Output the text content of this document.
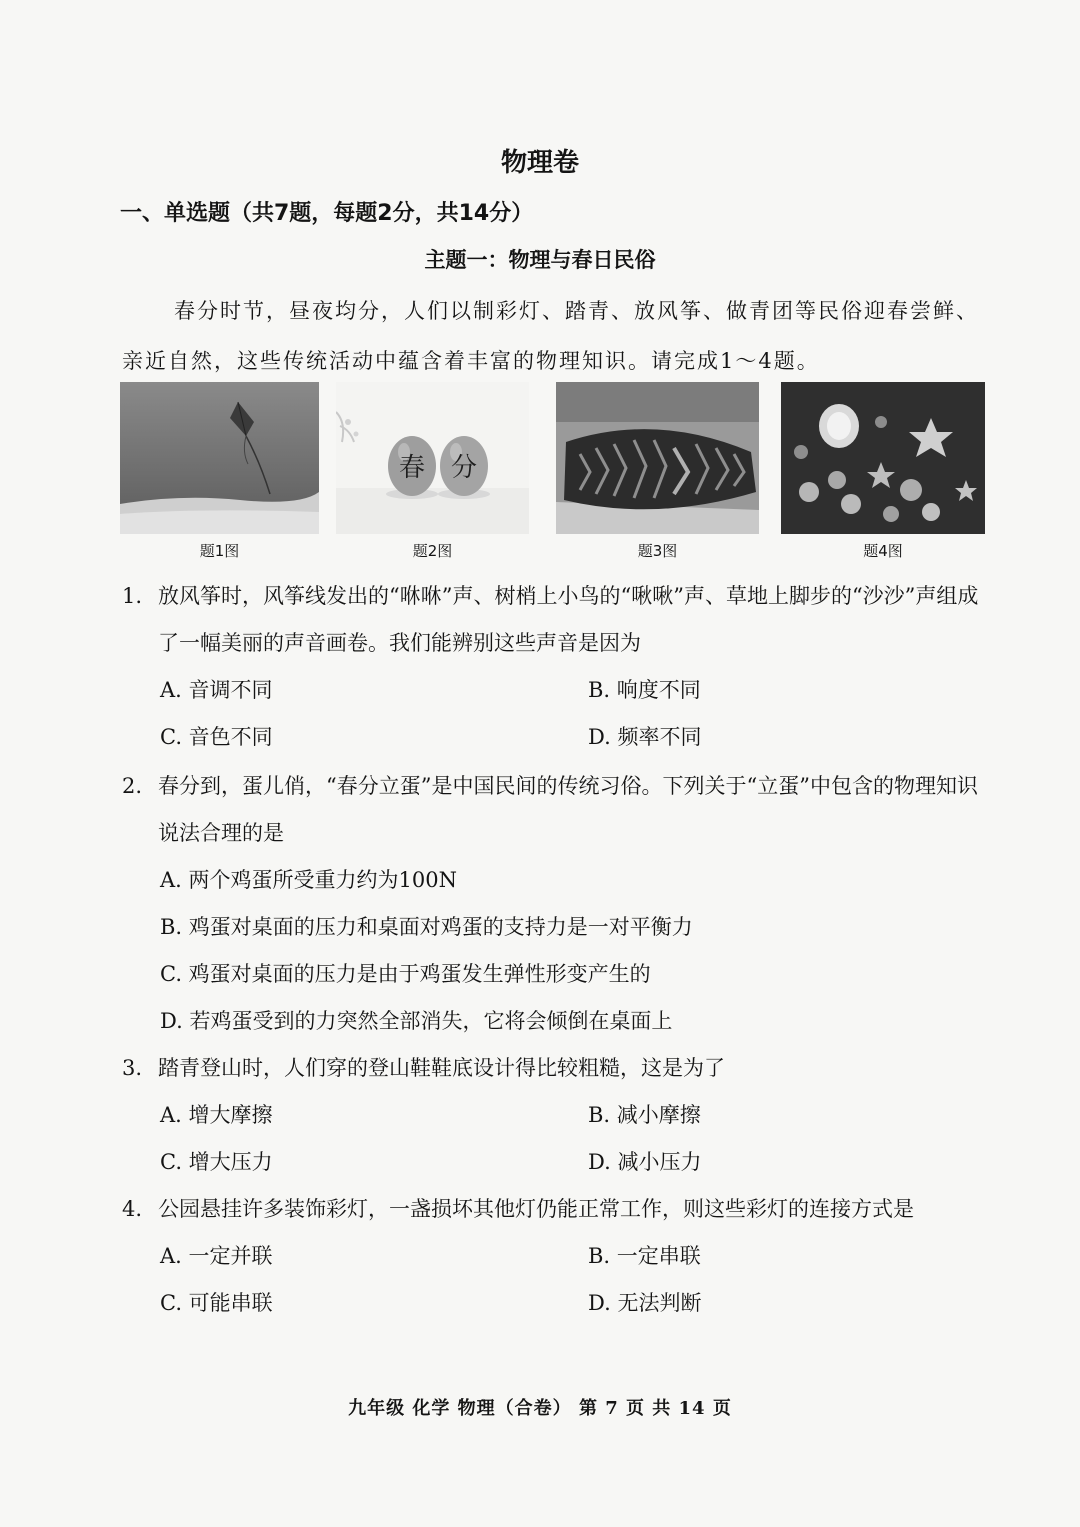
物理卷
一、单选题（共7题，每题2分，共14分）
主题一：物理与春日民俗
春分时节，昼夜均分，人们以制彩灯、踏青、放风筝、做青团等民俗迎春尝鲜、亲近自然，这些传统活动中蕴含着丰富的物理知识。请完成1～4题。
题1图
春 分
题2图	题3图	题4图
1. 放风筝时，风筝线发出的“咻咻”声、树梢上小鸟的“啾啾”声、草地上脚步的“沙沙”声组成了一幅美丽的声音画卷。我们能辨别这些声音是因为
A. 音调不同	B. 响度不同
C. 音色不同	D. 频率不同
2. 春分到，蛋儿俏，“春分立蛋”是中国民间的传统习俗。下列关于“立蛋”中包含的物理知识说法合理的是
A. 两个鸡蛋所受重力约为100N
B. 鸡蛋对桌面的压力和桌面对鸡蛋的支持力是一对平衡力
C. 鸡蛋对桌面的压力是由于鸡蛋发生弹性形变产生的
D. 若鸡蛋受到的力突然全部消失，它将会倾倒在桌面上
3. 踏青登山时，人们穿的登山鞋鞋底设计得比较粗糙，这是为了
A. 增大摩擦	B. 减小摩擦
C. 增大压力	D. 减小压力
4. 公园悬挂许多装饰彩灯，一盏损坏其他灯仍能正常工作，则这些彩灯的连接方式是
A. 一定并联	B. 一定串联
C. 可能串联	D. 无法判断
九年级 化学 物理（合卷） 第 7 页 共 14 页
